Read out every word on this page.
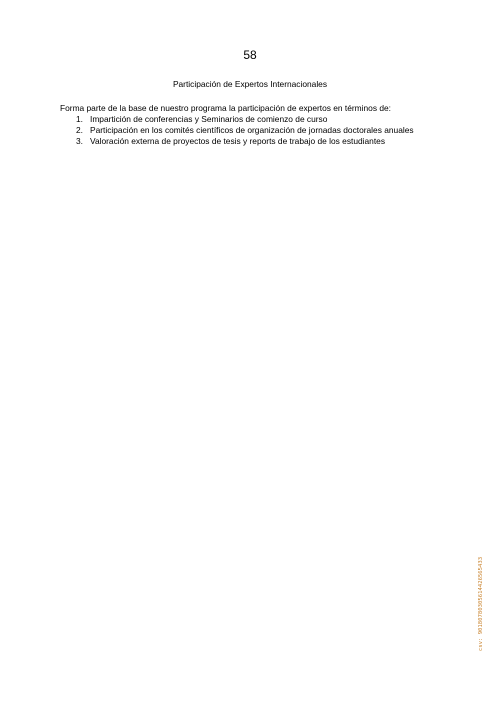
58
Participación de Expertos Internacionales
Forma parte de la base de nuestro programa la participación de expertos en términos de:
1. Impartición de conferencias y Seminarios de comienzo de curso
2. Participación en los comités científicos de organización de jornadas doctorales anuales
3. Valoración externa de proyectos de tesis y reports de trabajo de los estudiantes
csv: 90180780305614426565433
